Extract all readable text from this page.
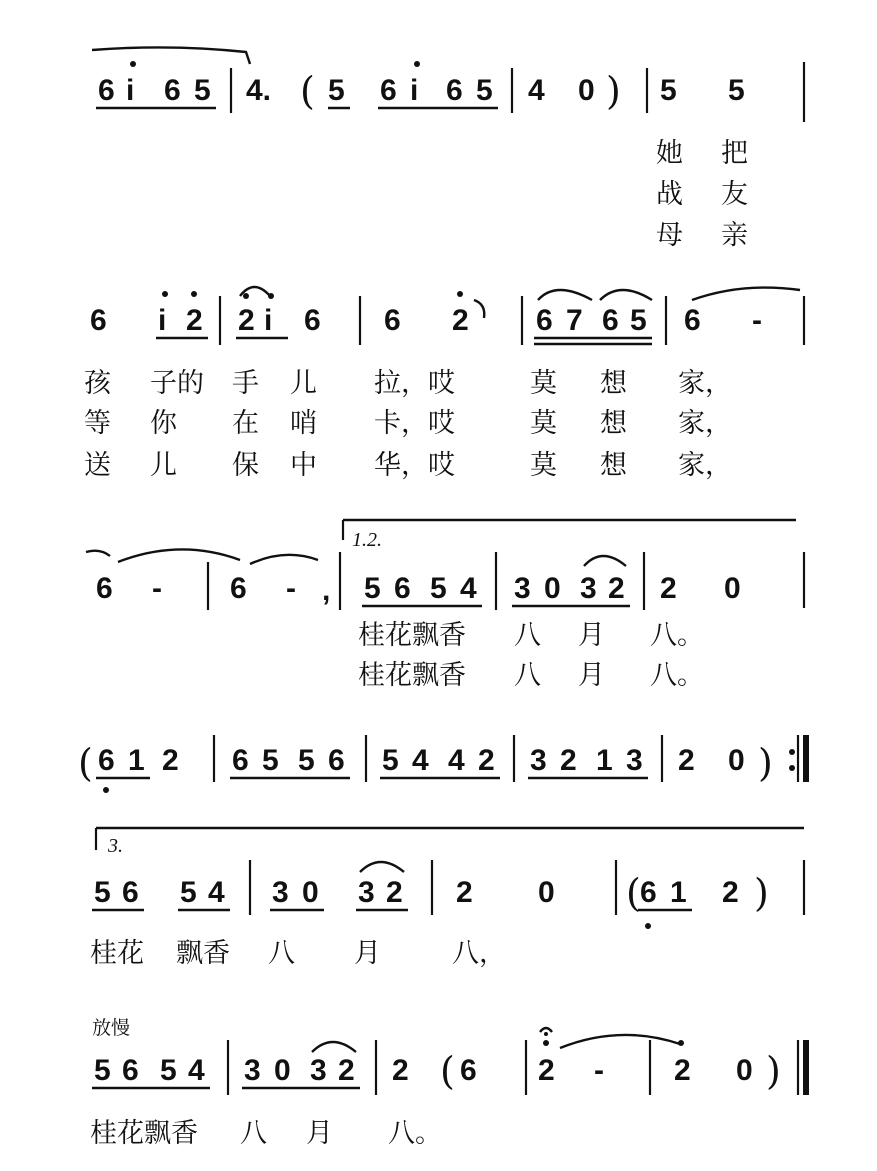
6 i 6 5 4. ( 5 6 i 6 5 4 0 ) 5 5
她 把
战 友
母 亲
6 i 2 2 i 6 6 2 6 7 6 5 6 -
孩 子的 手 儿 拉，哎	莫 想 家，
等 你 在 哨 卡，哎	莫 想 家，
送 儿 保 中 华，哎	莫 想 家，
1.2.
6 - 6 - , 5 6 5 4 3 0 3 2 2 0
桂花飘香 八 月 八。
桂花飘香 八 月 八。
( 6 1 2 6 5 5 6 5 4 4 2 3 2 1 3 2 0 )
3.
5 6 5 4 3 0 3 2 2 0 ( 6 1 2 )
桂花 飘香 八 月	八，
放慢
5 6 5 4 3 0 3 2 2 ( 6 2 - 2 0 )
桂花飘香 八 月 八。
